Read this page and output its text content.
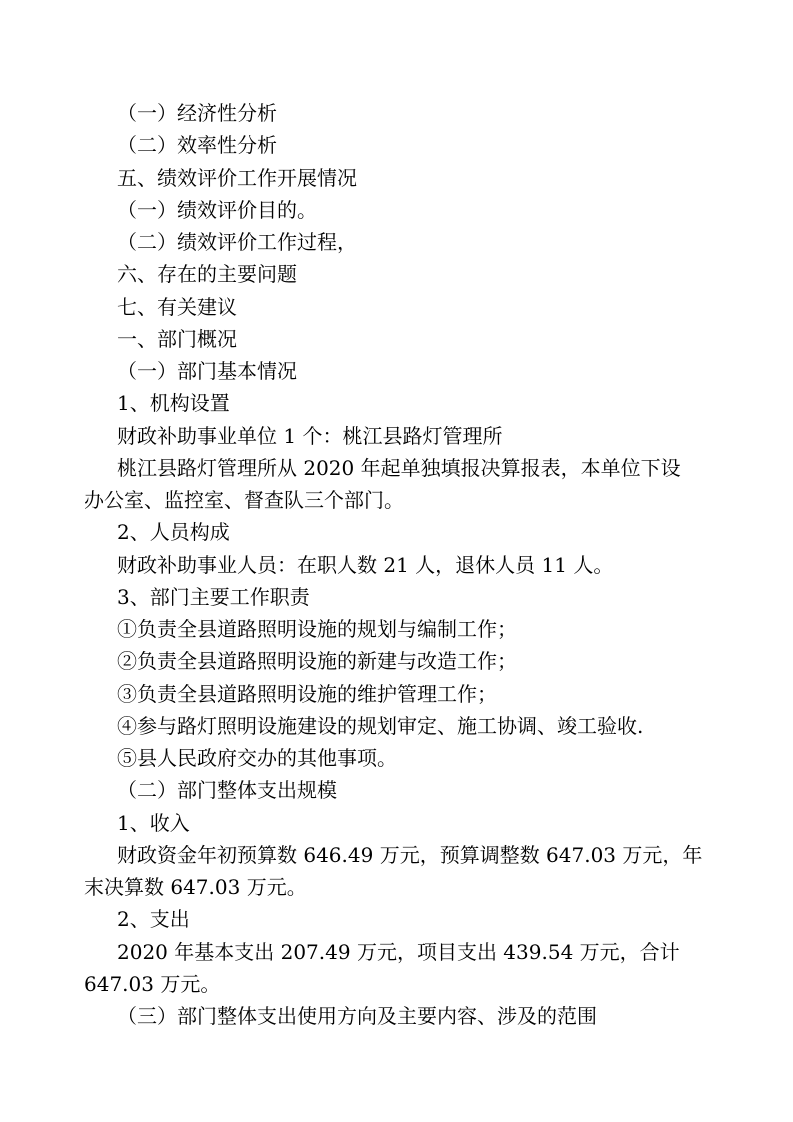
（一）经济性分析

（二）效率性分析

五、绩效评价工作开展情况

（一）绩效评价目的。

（二）绩效评价工作过程，

六、存在的主要问题

七、有关建议

一、部门概况

（一）部门基本情况

1、机构设置

财政补助事业单位 1 个：桃江县路灯管理所

桃江县路灯管理所从 2020 年起单独填报决算报表，本单位下设
办公室、监控室、督查队三个部门。

2、人员构成

财政补助事业人员：在职人数 21 人，退休人员 11 人。

3、部门主要工作职责

①负责全县道路照明设施的规划与编制工作；

②负责全县道路照明设施的新建与改造工作；

③负责全县道路照明设施的维护管理工作；

④参与路灯照明设施建设的规划审定、施工协调、竣工验收.

⑤县人民政府交办的其他事项。

（二）部门整体支出规模

1、收入

财政资金年初预算数 646.49 万元，预算调整数 647.03 万元，年
末决算数 647.03 万元。

2、支出

2020 年基本支出 207.49 万元，项目支出 439.54 万元，合计
647.03 万元。

（三）部门整体支出使用方向及主要内容、涉及的范围
